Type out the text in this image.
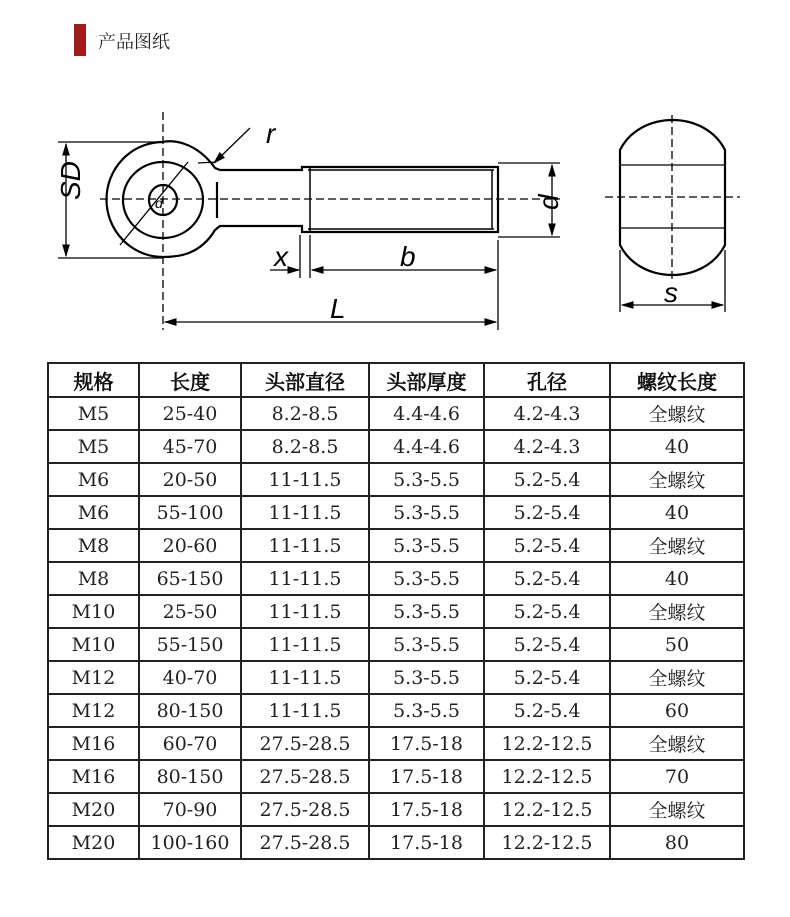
产品图纸
SD
d
d
r
x	b
L
s
规格	长度	头部直径	头部厚度	孔径	螺纹长度
M5	25-40	8.2-8.5	4.4-4.6	4.2-4.3	全螺纹
M5	45-70	8.2-8.5	4.4-4.6	4.2-4.3	40
M6	20-50	11-11.5	5.3-5.5	5.2-5.4	全螺纹
M6	55-100	11-11.5	5.3-5.5	5.2-5.4	40
M8	20-60	11-11.5	5.3-5.5	5.2-5.4	全螺纹
M8	65-150	11-11.5	5.3-5.5	5.2-5.4	40
M10	25-50	11-11.5	5.3-5.5	5.2-5.4	全螺纹
M10	55-150	11-11.5	5.3-5.5	5.2-5.4	50
M12	40-70	11-11.5	5.3-5.5	5.2-5.4	全螺纹
M12	80-150	11-11.5	5.3-5.5	5.2-5.4	60
M16	60-70	27.5-28.5	17.5-18	12.2-12.5	全螺纹
M16	80-150	27.5-28.5	17.5-18	12.2-12.5	70
M20	70-90	27.5-28.5	17.5-18	12.2-12.5	全螺纹
M20	100-160	27.5-28.5	17.5-18	12.2-12.5	80
